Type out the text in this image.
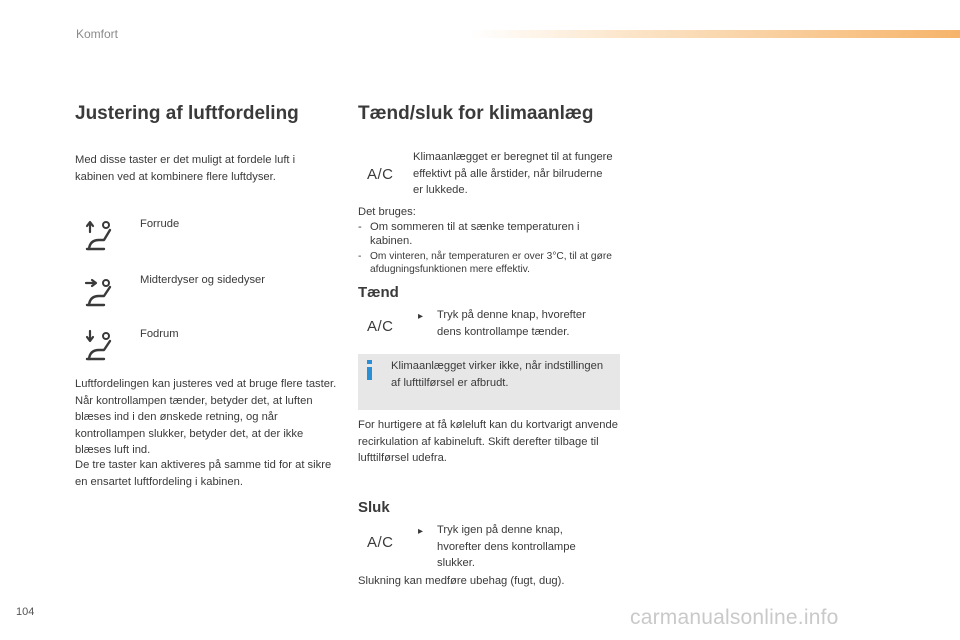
Komfort
Justering af luftfordeling

Med disse taster er det muligt at fordele luft i kabinen ved at kombinere flere luftdyser.

Forrude
Midterdyser og sidedyser
Fodrum

Luftfordelingen kan justeres ved at bruge flere taster. Når kontrollampen tænder, betyder det, at luften blæses ind i den ønskede retning, og når kontrollampen slukker, betyder det, at der ikke blæses luft ind.

De tre taster kan aktiveres på samme tid for at sikre en ensartet luftfordeling i kabinen.

Tænd/sluk for klimaanlæg
A/C

Klimaanlægget er beregnet til at fungere effektivt på alle årstider, når bilruderne er lukkede.

Det bruges:
- Om sommeren til at sænke temperaturen i kabinen.
- Om vinteren, når temperaturen er over 3°C, til at gøre afdugningsfunktionen mere effektiv.
Tænd
A/C
▸ Tryk på denne knap, hvorefter dens kontrollampe tænder.

Klimaanlægget virker ikke, når indstillingen af lufttilførsel er afbrudt.

For hurtigere at få køleluft kan du kortvarigt anvende recirkulation af kabineluft. Skift derefter tilbage til lufttilførsel udefra.

Sluk
A/C
▸ Tryk igen på denne knap, hvorefter dens kontrollampe slukker.

Slukning kan medføre ubehag (fugt, dug).

104	carmanualsonline.info
